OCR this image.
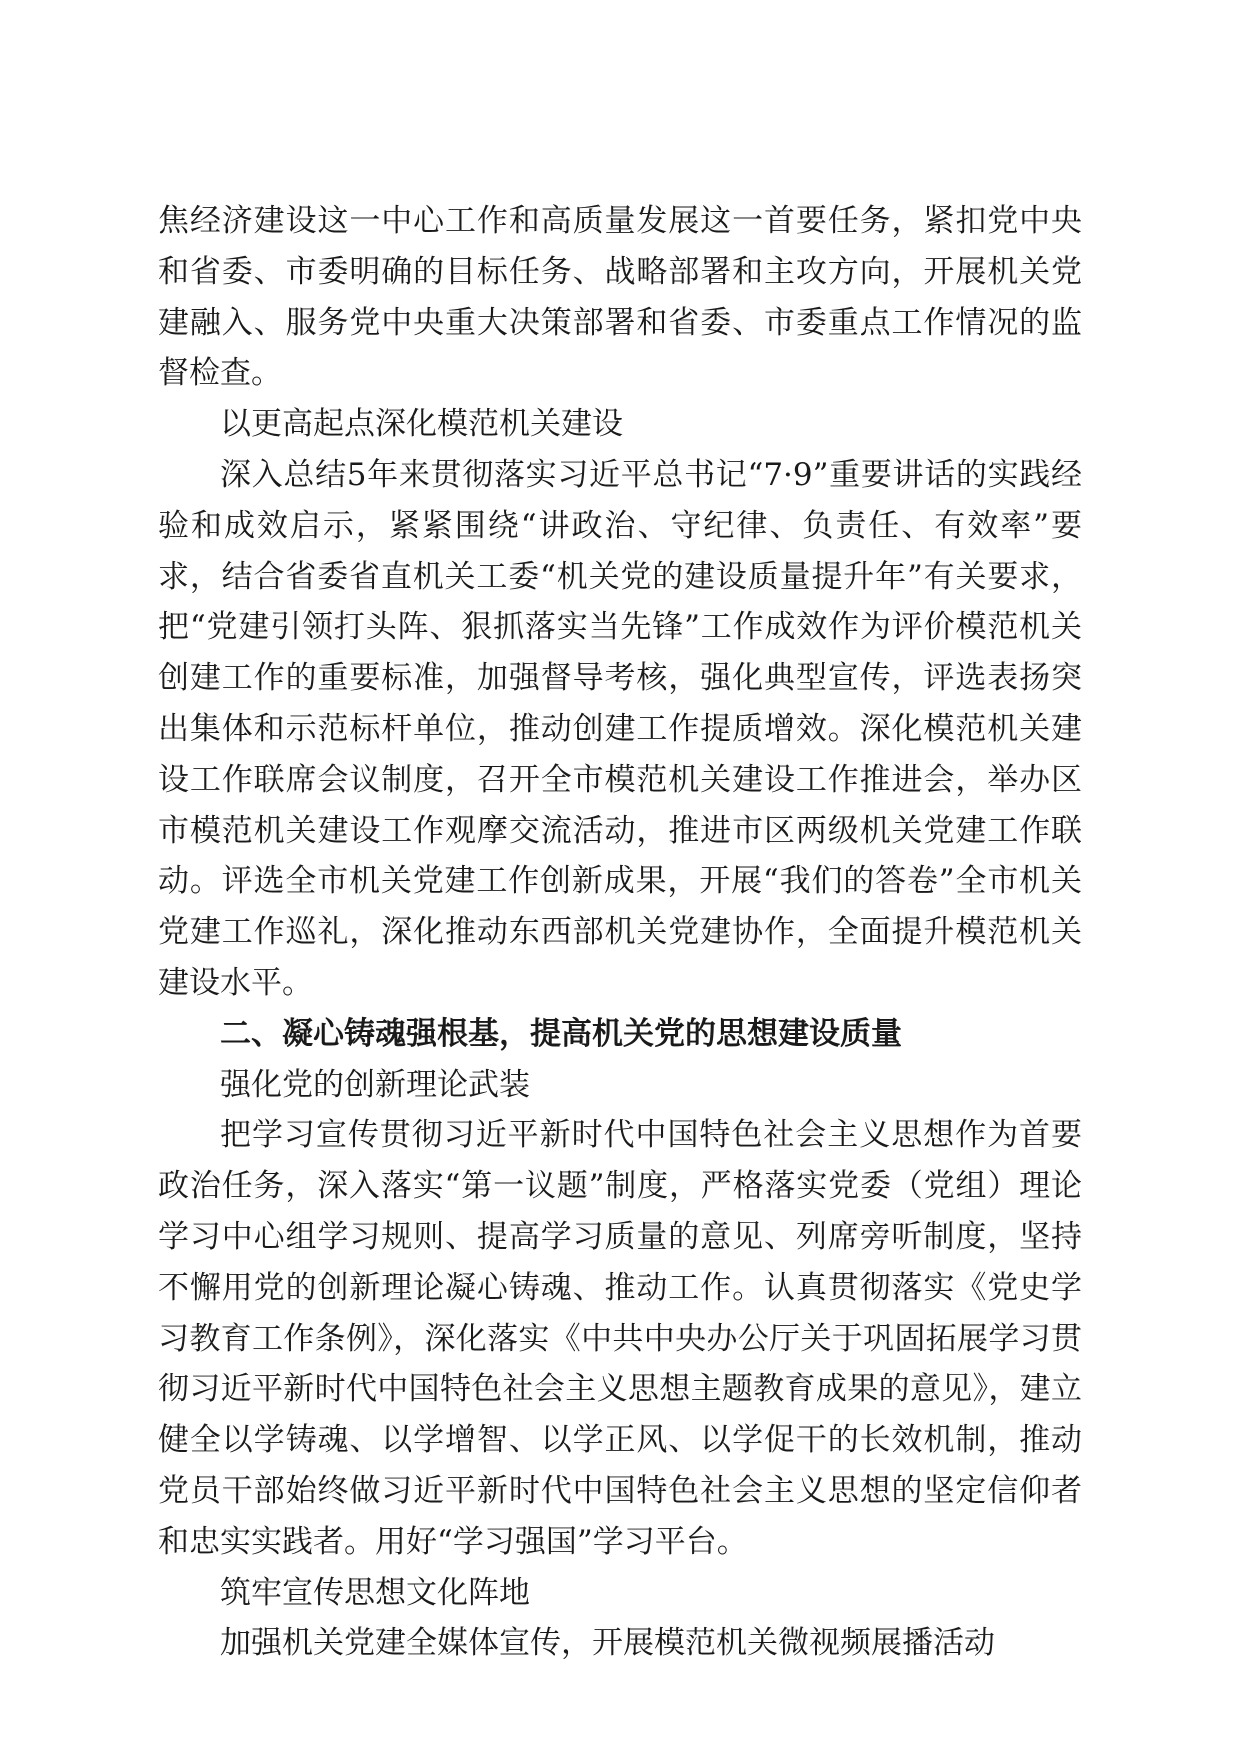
焦经济建设这一中心工作和高质量发展这一首要任务，紧扣党中央和省委、市委明确的目标任务、战略部署和主攻方向，开展机关党建融入、服务党中央重大决策部署和省委、市委重点工作情况的监督检查。

以更高起点深化模范机关建设

深入总结5年来贯彻落实习近平总书记“7·9”重要讲话的实践经验和成效启示，紧紧围绕“讲政治、守纪律、负责任、有效率”要求，结合省委省直机关工委“机关党的建设质量提升年”有关要求，把“党建引领打头阵、狠抓落实当先锋”工作成效作为评价模范机关创建工作的重要标准，加强督导考核，强化典型宣传，评选表扬突出集体和示范标杆单位，推动创建工作提质增效。深化模范机关建设工作联席会议制度，召开全市模范机关建设工作推进会，举办区市模范机关建设工作观摩交流活动，推进市区两级机关党建工作联动。评选全市机关党建工作创新成果，开展“我们的答卷”全市机关党建工作巡礼，深化推动东西部机关党建协作，全面提升模范机关建设水平。

二、凝心铸魂强根基，提高机关党的思想建设质量

强化党的创新理论武装

把学习宣传贯彻习近平新时代中国特色社会主义思想作为首要政治任务，深入落实“第一议题”制度，严格落实党委（党组）理论学习中心组学习规则、提高学习质量的意见、列席旁听制度，坚持不懈用党的创新理论凝心铸魂、推动工作。认真贯彻落实《党史学习教育工作条例》，深化落实《中共中央办公厅关于巩固拓展学习贯彻习近平新时代中国特色社会主义思想主题教育成果的意见》，建立健全以学铸魂、以学增智、以学正风、以学促干的长效机制，推动党员干部始终做习近平新时代中国特色社会主义思想的坚定信仰者和忠实实践者。用好“学习强国”学习平台。

筑牢宣传思想文化阵地

加强机关党建全媒体宣传，开展模范机关微视频展播活动
